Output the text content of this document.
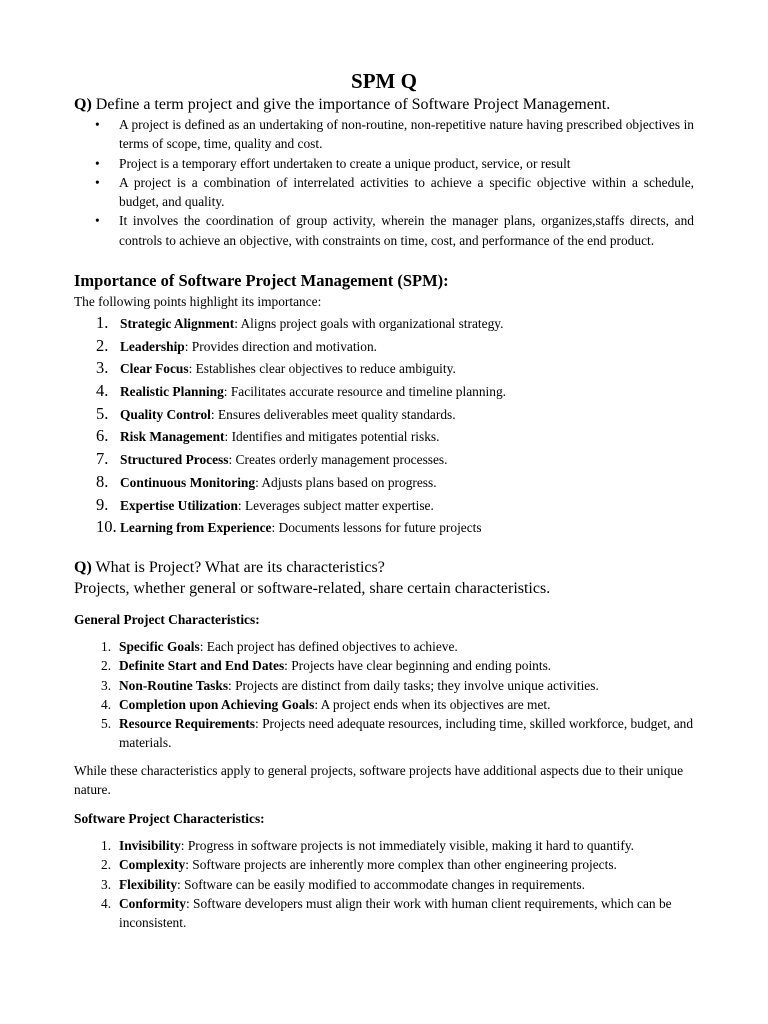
SPM Q
Q) Define a term project and give the importance of Software Project Management.
• A project is defined as an undertaking of non-routine, non-repetitive nature having prescribed objectives in terms of scope, time, quality and cost.
• Project is a temporary effort undertaken to create a unique product, service, or result
• A project is a combination of interrelated activities to achieve a specific objective within a schedule, budget, and quality.
• It involves the coordination of group activity, wherein the manager plans, organizes,staffs directs, and controls to achieve an objective, with constraints on time, cost, and performance of the end product.
Importance of Software Project Management (SPM):
The following points highlight its importance:
1. Strategic Alignment: Aligns project goals with organizational strategy.
2. Leadership: Provides direction and motivation.
3. Clear Focus: Establishes clear objectives to reduce ambiguity.
4. Realistic Planning: Facilitates accurate resource and timeline planning.
5. Quality Control: Ensures deliverables meet quality standards.
6. Risk Management: Identifies and mitigates potential risks.
7. Structured Process: Creates orderly management processes.
8. Continuous Monitoring: Adjusts plans based on progress.
9. Expertise Utilization: Leverages subject matter expertise.
10. Learning from Experience: Documents lessons for future projects
Q) What is Project? What are its characteristics?
Projects, whether general or software-related, share certain characteristics.
General Project Characteristics:
1. Specific Goals: Each project has defined objectives to achieve.
2. Definite Start and End Dates: Projects have clear beginning and ending points.
3. Non-Routine Tasks: Projects are distinct from daily tasks; they involve unique activities.
4. Completion upon Achieving Goals: A project ends when its objectives are met.
5. Resource Requirements: Projects need adequate resources, including time, skilled workforce, budget, and materials.
While these characteristics apply to general projects, software projects have additional aspects due to their unique nature.
Software Project Characteristics:
1. Invisibility: Progress in software projects is not immediately visible, making it hard to quantify.
2. Complexity: Software projects are inherently more complex than other engineering projects.
3. Flexibility: Software can be easily modified to accommodate changes in requirements.
4. Conformity: Software developers must align their work with human client requirements, which can be inconsistent.
